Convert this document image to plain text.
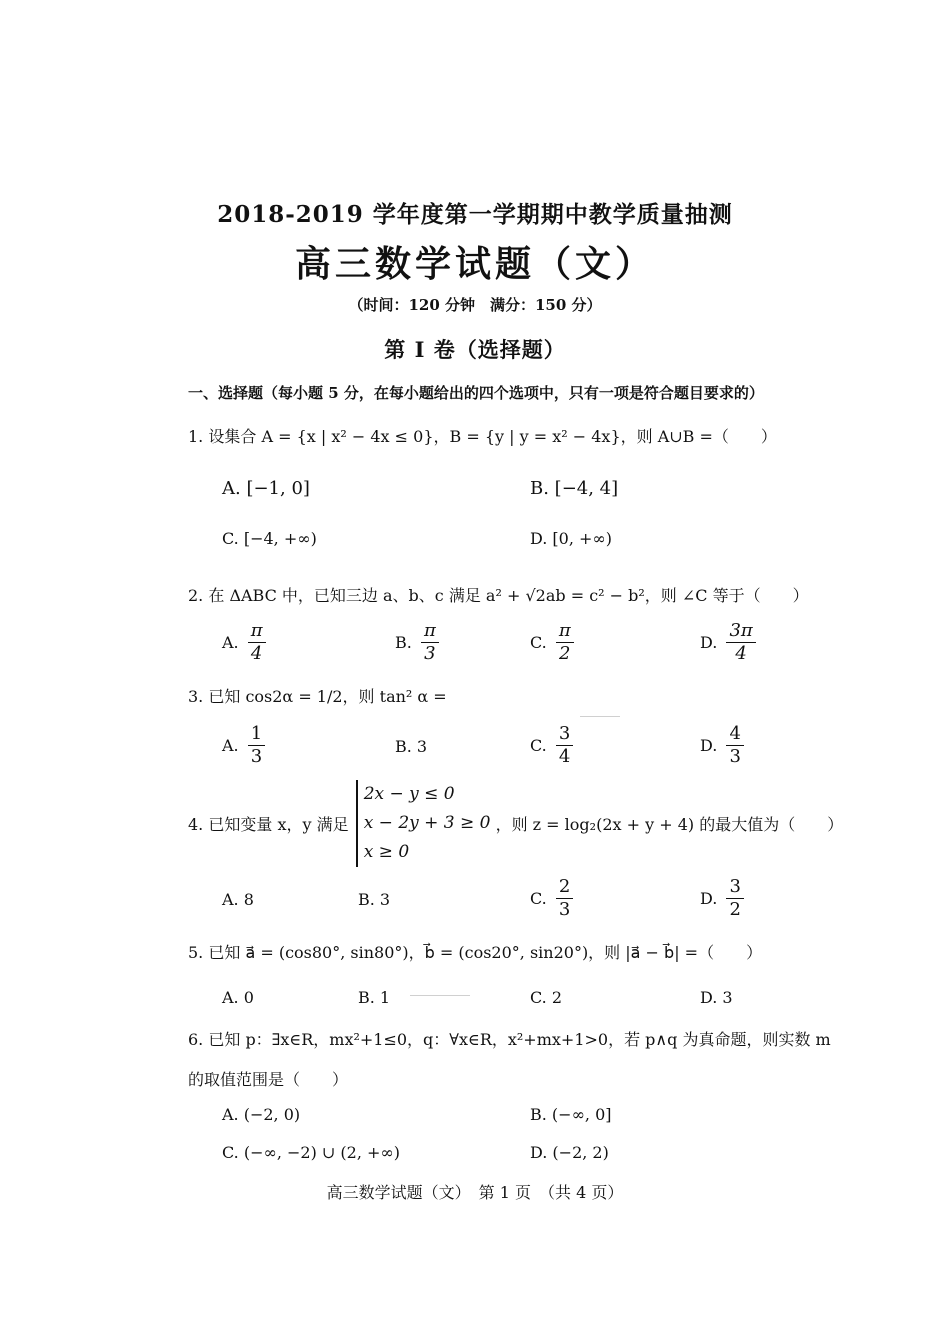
2018-2019 学年度第一学期期中教学质量抽测
高三数学试题（文）
（时间：120 分钟　满分：150 分）
第 I 卷（选择题）
一、选择题（每小题 5 分，在每小题给出的四个选项中，只有一项是符合题目要求的）
1. 设集合 A = {x | x² − 4x ≤ 0}，B = {y | y = x² − 4x}，则 A∪B =（　　）
A. [−1, 0]	B. [−4, 4]
C. [−4, +∞)	D. [0, +∞)
2. 在 ΔABC 中，已知三边 a、b、c 满足 a² + √2ab = c² − b²，则 ∠C 等于（　　）
A. $\frac{\pi}{4}$	B. $\frac{\pi}{3}$	C. $\frac{\pi}{2}$	D. $\frac{3\pi}{4}$
3. 已知 cos2α = 1/2，则 tan² α =
A. $\frac{1}{3}$	B. 3	C. $\frac{3}{4}$	D. $\frac{4}{3}$
4. 已知变量 x，y 满足
2x − y ≤ 0
x − 2y + 3 ≥ 0
x ≥ 0
，则 z = log₂(2x + y + 4) 的最大值为（　　）
A. 8	B. 3	C. $\frac{2}{3}$	D. $\frac{3}{2}$
5. 已知 a⃗ = (cos80°, sin80°)，b⃗ = (cos20°, sin20°)，则 |a⃗ − b⃗| =（　　）
A. 0	B. 1	C. 2	D. 3
6. 已知 p：∃x∈R，mx²+1≤0，q：∀x∈R，x²+mx+1>0，若 p∧q 为真命题，则实数 m
的取值范围是（　　）
A. (−2, 0)	B. (−∞, 0]
C. (−∞, −2) ∪ (2, +∞)	D. (−2, 2)
高三数学试题（文）　第 1 页　（共 4 页）
